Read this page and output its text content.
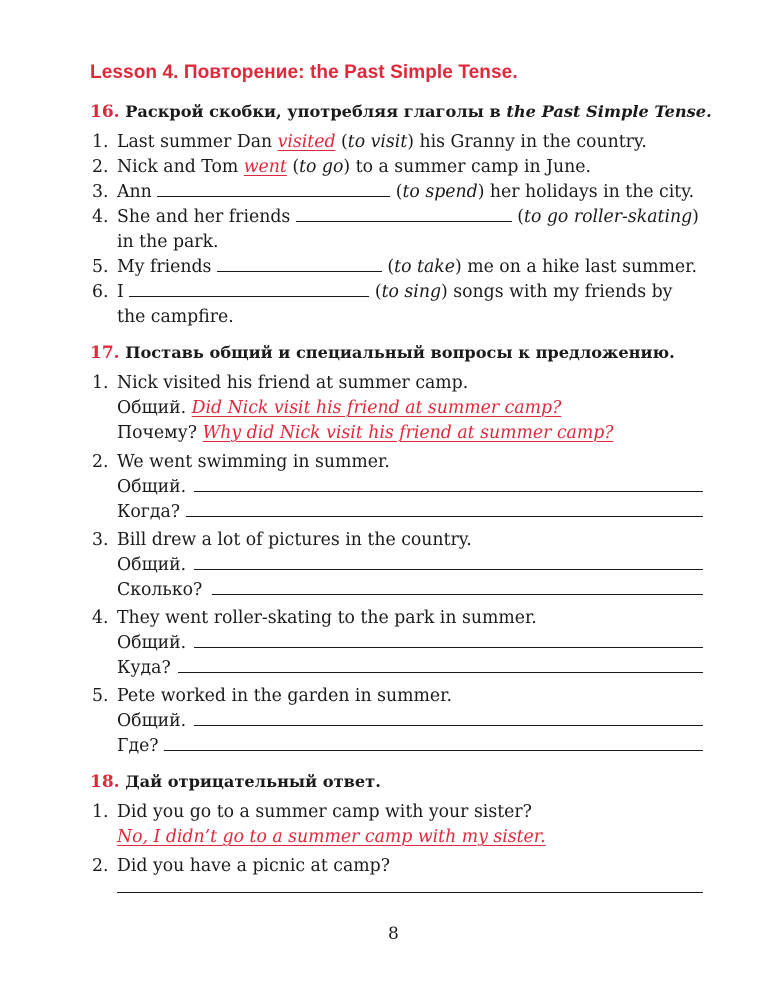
Lesson 4. Повторение: the Past Simple Tense.
16. Раскрой скобки, употребляя глаголы в the Past Simple Tense.
1. Last summer Dan visited (to visit) his Granny in the country.
2. Nick and Tom went (to go) to a summer camp in June.
3. Ann	(to spend) her holidays in the city.
4. She and her friends	(to go roller-skating)
in the park.
5. My friends	(to take) me on a hike last summer.
6. I	(to sing) songs with my friends by
the campfire.
17. Поставь общий и специальный вопросы к предложению.
1. Nick visited his friend at summer camp.
Общий. Did Nick visit his friend at summer camp?
Почему? Why did Nick visit his friend at summer camp?
2. We went swimming in summer.
Общий.
Когда?
3. Bill drew a lot of pictures in the country.
Общий.
Сколько?
4. They went roller-skating to the park in summer.
Общий.
Куда?
5. Pete worked in the garden in summer.
Общий.
Где?
18. Дай отрицательный ответ.
1. Did you go to a summer camp with your sister?
No, I didn’t go to a summer camp with my sister.
2. Did you have a picnic at camp?
8
